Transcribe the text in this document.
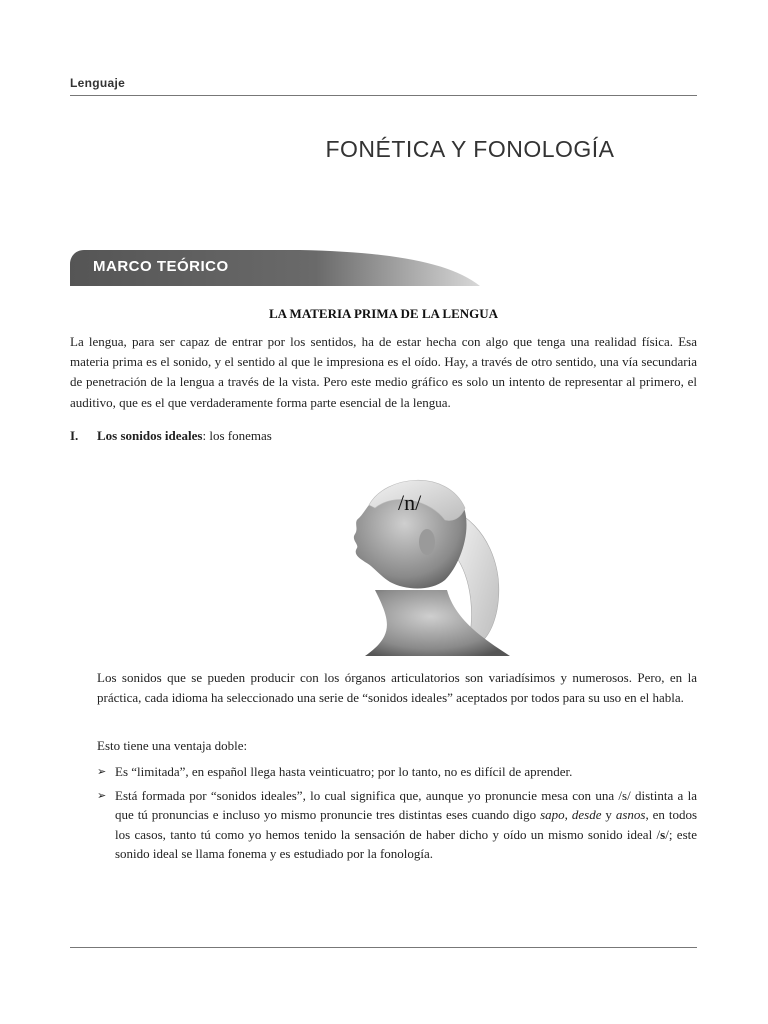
Lenguaje
FONÉTICA Y FONOLOGÍA
MARCO TEÓRICO
LA MATERIA PRIMA DE LA LENGUA

La lengua, para ser capaz de entrar por los sentidos, ha de estar hecha con algo que tenga una realidad física. Esa materia prima es el sonido, y el sentido al que le impresiona es el oído. Hay, a través de otro sentido, una vía secundaria de penetración de la lengua a través de la vista. Pero este medio gráfico es solo un intento de representar al primero, el auditivo, que es el que verdaderamente forma parte esencial de la lengua.

I. Los sonidos ideales: los fonemas
/n/

Los sonidos que se pueden producir con los órganos articulatorios son variadísimos y numerosos. Pero, en la práctica, cada idioma ha seleccionado una serie de “sonidos ideales” aceptados por todos para su uso en el habla.

Esto tiene una ventaja doble:

➢ Es “limitada”, en español llega hasta veinticuatro; por lo tanto, no es difícil de aprender.
➢ Está formada por “sonidos ideales”, lo cual significa que, aunque yo pronuncie mesa con una /s/ distinta a la que tú pronuncias e incluso yo mismo pronuncie tres distintas eses cuando digo sapo, desde y asnos, en todos los casos, tanto tú como yo hemos tenido la sensación de haber dicho y oído un mismo sonido ideal /s/; este sonido ideal se llama fonema y es estudiado por la fonología.
